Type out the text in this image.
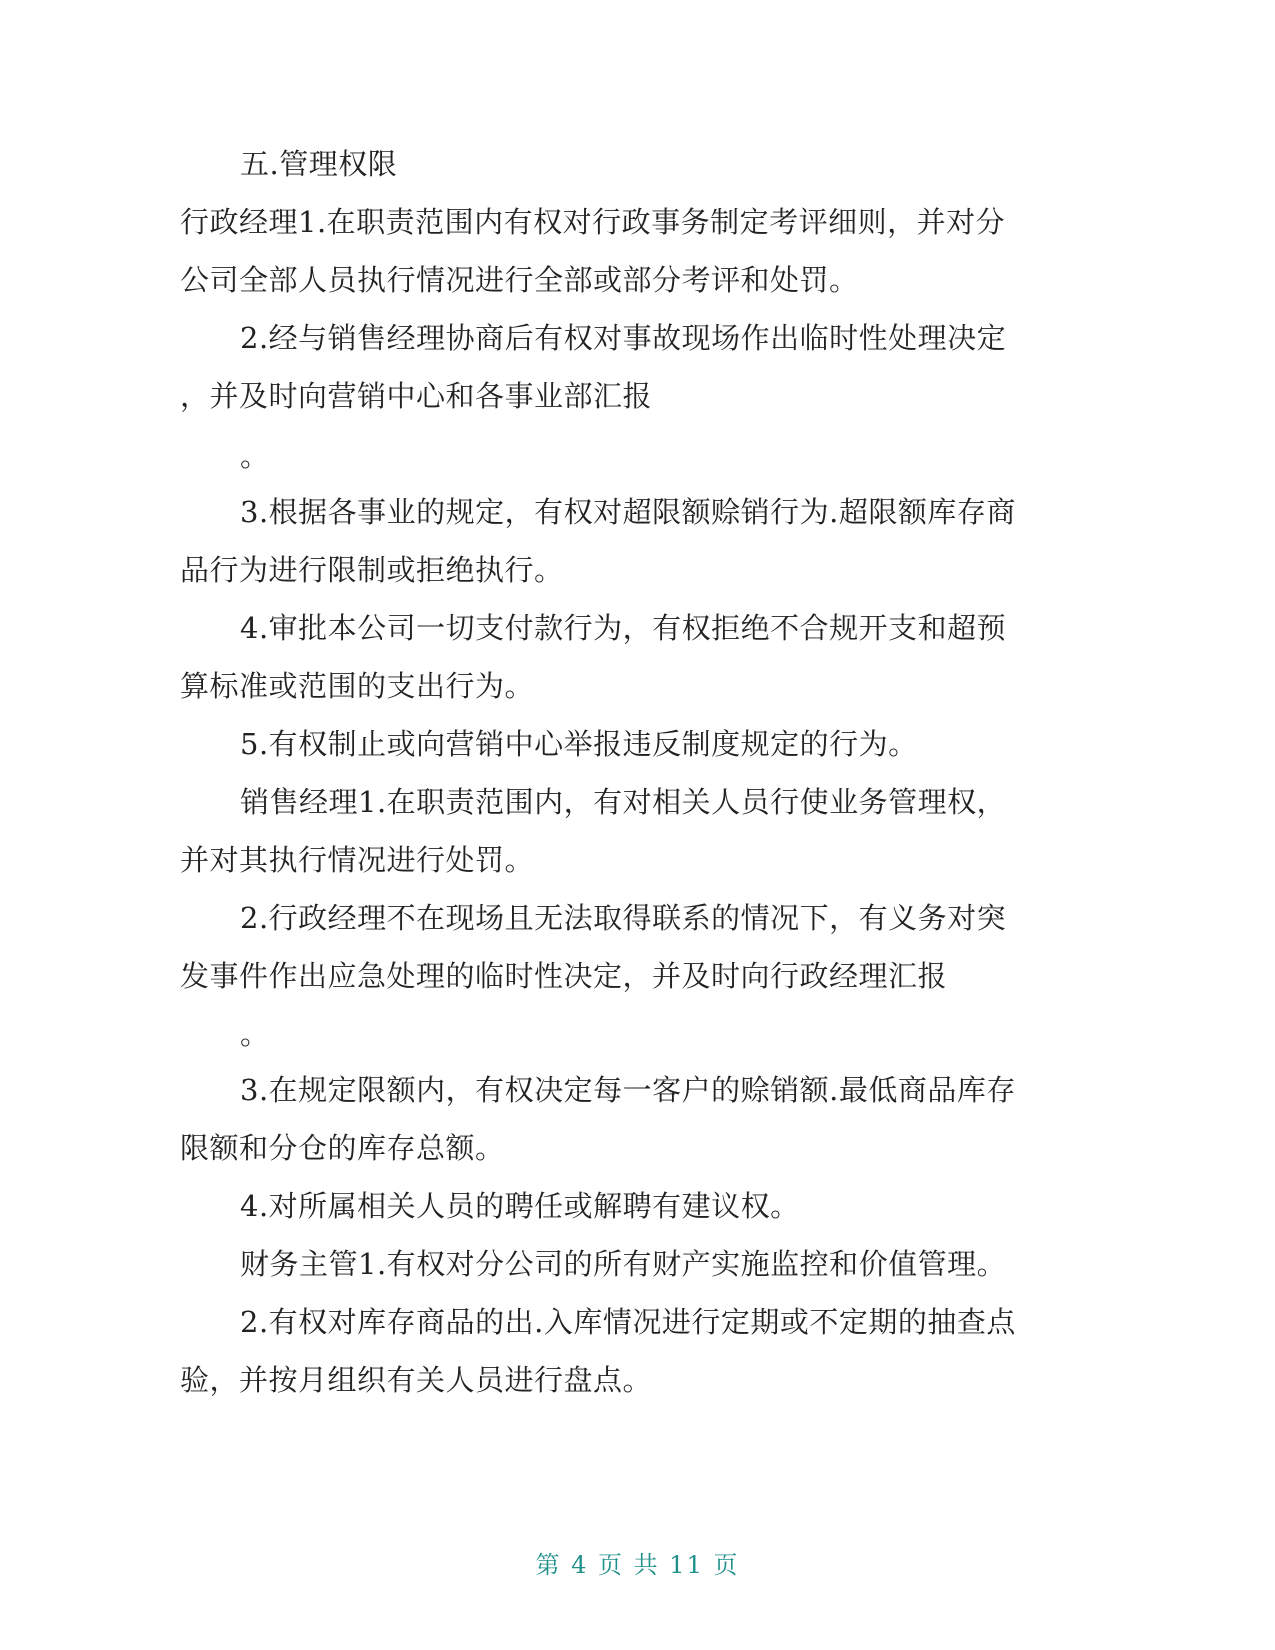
五.管理权限
行政经理1.在职责范围内有权对行政事务制定考评细则，并对分
公司全部人员执行情况进行全部或部分考评和处罚。
2.经与销售经理协商后有权对事故现场作出临时性处理决定
，并及时向营销中心和各事业部汇报
。
3.根据各事业的规定，有权对超限额赊销行为.超限额库存商
品行为进行限制或拒绝执行。
4.审批本公司一切支付款行为，有权拒绝不合规开支和超预
算标准或范围的支出行为。
5.有权制止或向营销中心举报违反制度规定的行为。
销售经理1.在职责范围内，有对相关人员行使业务管理权，
并对其执行情况进行处罚。
2.行政经理不在现场且无法取得联系的情况下，有义务对突
发事件作出应急处理的临时性决定，并及时向行政经理汇报
。
3.在规定限额内，有权决定每一客户的赊销额.最低商品库存
限额和分仓的库存总额。
4.对所属相关人员的聘任或解聘有建议权。
财务主管1.有权对分公司的所有财产实施监控和价值管理。
2.有权对库存商品的出.入库情况进行定期或不定期的抽查点
验，并按月组织有关人员进行盘点。
第 4 页 共 11 页
